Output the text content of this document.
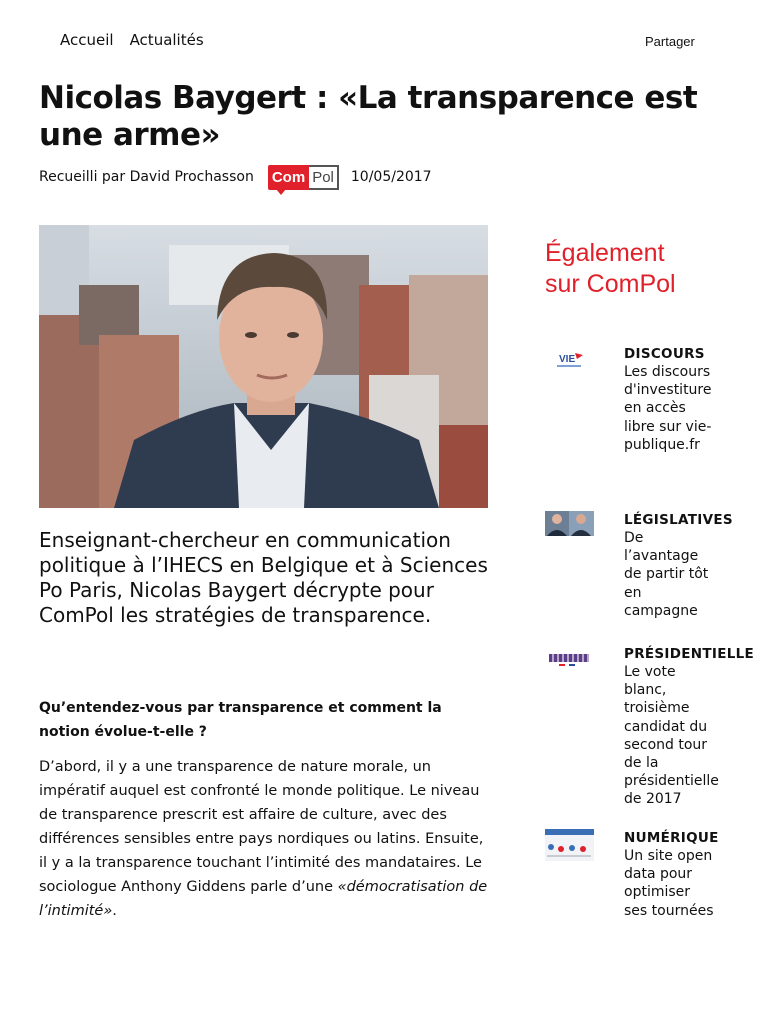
Accueil Actualités	Partager
Nicolas Baygert : «La transparence est une arme»
Recueilli par David Prochasson Com Pol	10/05/2017

Enseignant-chercheur en communication politique à l’IHECS en Belgique et à Sciences Po Paris, Nicolas Baygert décrypte pour ComPol les stratégies de transparence.

Qu’entendez-vous par transparence et comment la notion évolue-t-elle ?

D’abord, il y a une transparence de nature morale, un impératif auquel est confronté le monde politique. Le niveau de transparence prescrit est affaire de culture, avec des différences sensibles entre pays nordiques ou latins. Ensuite, il y a la transparence touchant l’intimité des mandataires. Le sociologue Anthony Giddens parle d’une «démocratisation de l’intimité».

Également
sur ComPol
VIE	DISCOURS
Les discours d'investiture en accès libre sur vie-publique.fr
LÉGISLATIVES
De l’avantage de partir tôt en campagne
PRÉSIDENTIELLE
Le vote blanc, troisième candidat du second tour de la présidentielle de 2017
NUMÉRIQUE
Un site open data pour optimiser ses tournées
